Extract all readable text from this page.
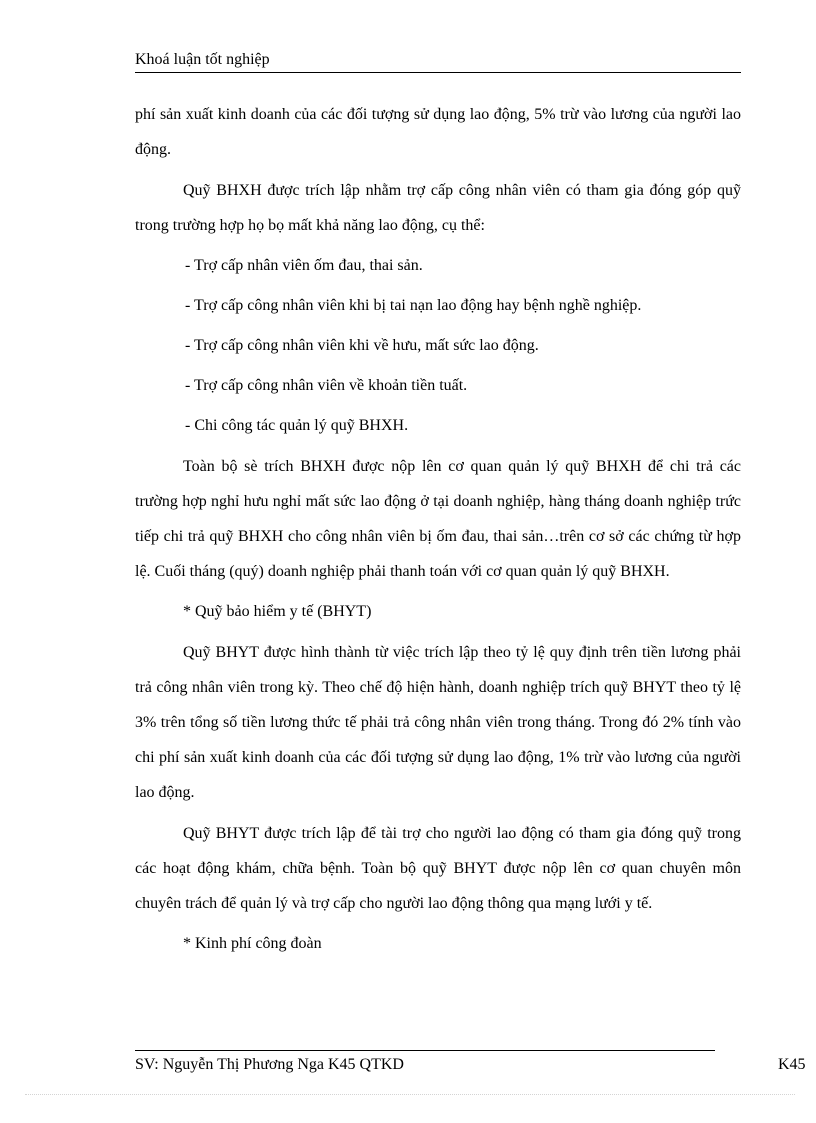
Khoá luận tốt nghiệp

phí sản xuất kinh doanh của các đối tượng sử dụng lao động, 5% trừ vào lương của người lao động.

Quỹ BHXH được trích lập nhằm trợ cấp công nhân viên có tham gia đóng góp quỹ trong trường hợp họ bọ mất khả năng lao động, cụ thể:

- Trợ cấp nhân viên ốm đau, thai sản.

- Trợ cấp công nhân viên khi bị tai nạn lao động hay bệnh nghề nghiệp.

- Trợ cấp công nhân viên khi về hưu, mất sức lao động.

- Trợ cấp công nhân viên về khoản tiền tuất.

- Chi công tác quản lý quỹ BHXH.

Toàn bộ sè trích BHXH được nộp lên cơ quan quản lý quỹ BHXH để chi trả các trường hợp nghỉ hưu nghỉ mất sức lao động ở tại doanh nghiệp, hàng tháng doanh nghiệp trức tiếp chi trả quỹ BHXH cho công nhân viên bị ốm đau, thai sản…trên cơ sở các chứng từ hợp lệ. Cuối tháng (quý) doanh nghiệp phải thanh toán với cơ quan quản lý quỹ BHXH.

* Quỹ bảo hiểm y tế (BHYT)

Quỹ BHYT được hình thành từ việc trích lập theo tỷ lệ quy định trên tiền lương phải trả công nhân viên trong kỳ. Theo chế độ hiện hành, doanh nghiệp trích quỹ BHYT theo tỷ lệ 3% trên tổng số tiền lương thức tế phải trả công nhân viên trong tháng. Trong đó 2% tính vào chi phí sản xuất kinh doanh của các đối tượng sử dụng lao động, 1% trừ vào lương của người lao động.

Quỹ BHYT được trích lập để tài trợ cho người lao động có tham gia đóng quỹ trong các hoạt động khám, chữa bệnh. Toàn bộ quỹ BHYT được nộp lên cơ quan chuyên môn chuyên trách để quản lý và trợ cấp cho người lao động thông qua mạng lưới y tế.

* Kinh phí công đoàn

SV: Nguyễn Thị Phương Nga K45 QTKD	K45
